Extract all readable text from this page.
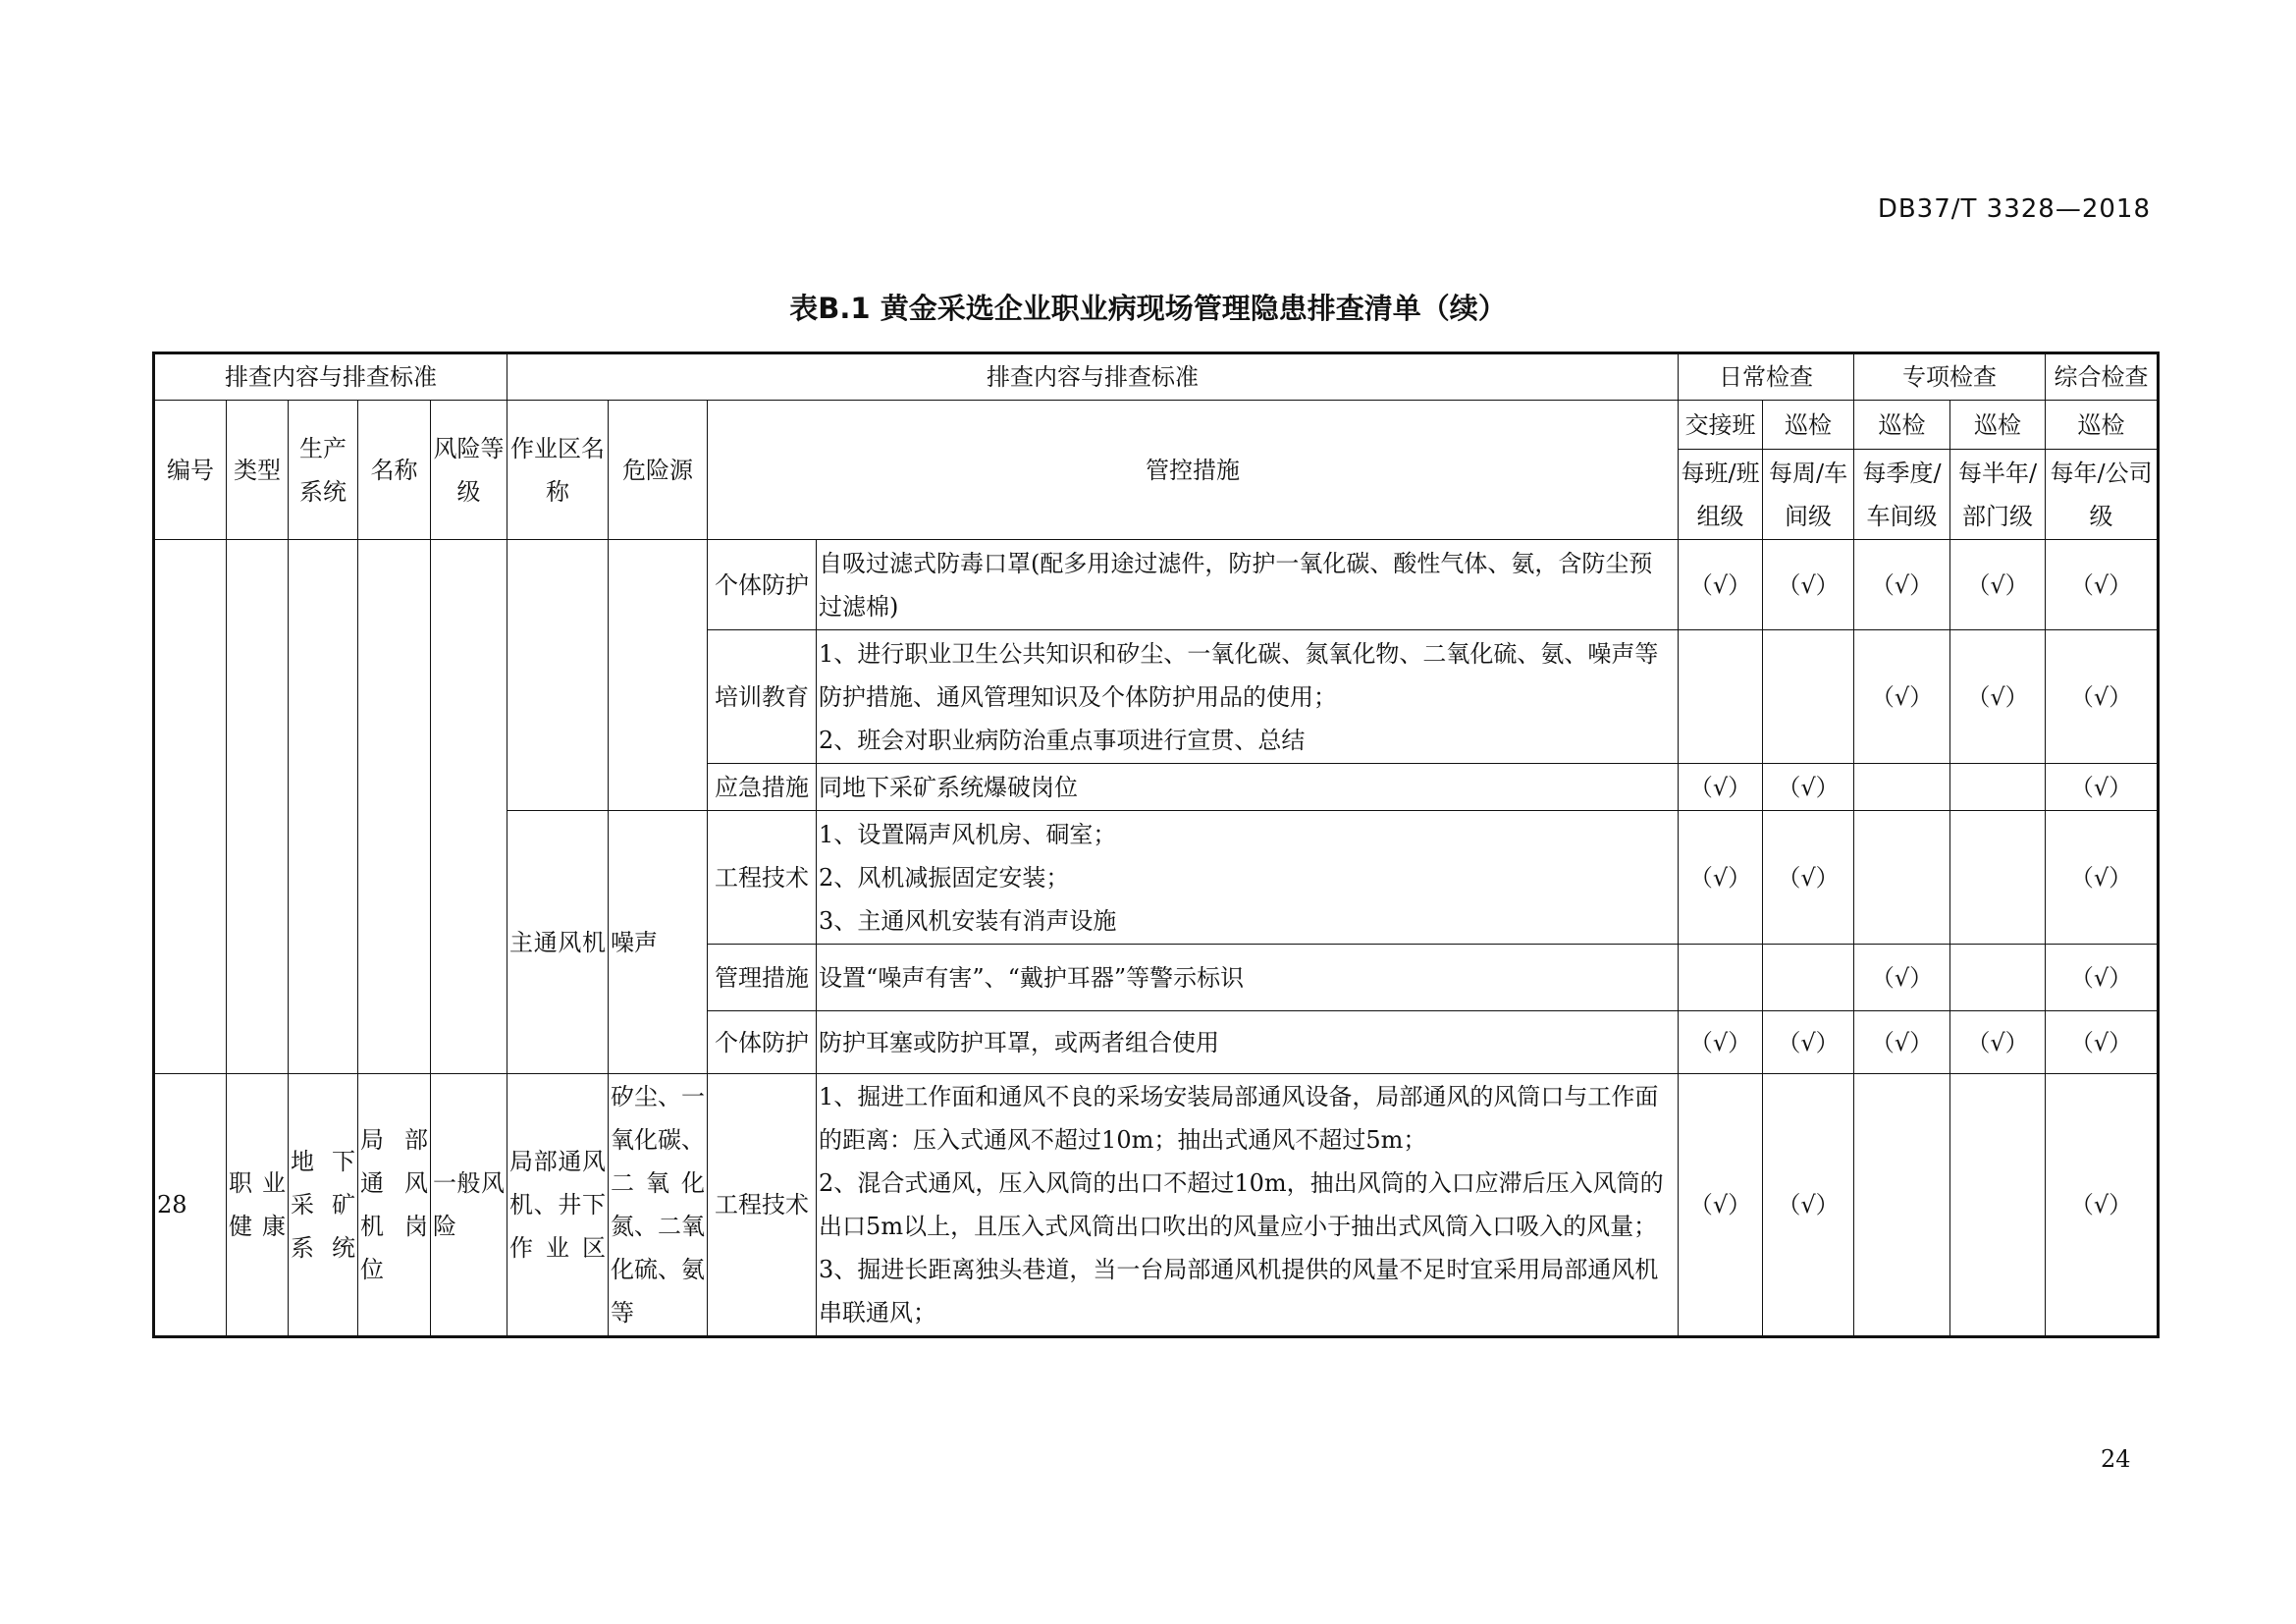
DB37/T 3328—2018
表B.1 黄金采选企业职业病现场管理隐患排查清单（续）
排查内容与排查标准					排查内容与排查标准				日常检查		专项检查		综合检查
编号	类型	生产系统	名称	风险等级	作业区名称	危险源	管控措施		交接班	巡检	巡检	巡检	巡检
									每班/班组级	每周/车间级	每季度/车间级	每半年/部门级	每年/公司级
							个体防护	自吸过滤式防毒口罩(配多用途过滤件，防护一氧化碳、酸性气体、氨，含防尘预过滤棉)	（√）	（√）	（√）	（√）	（√）
							培训教育	1、进行职业卫生公共知识和矽尘、一氧化碳、氮氧化物、二氧化硫、氨、噪声等防护措施、通风管理知识及个体防护用品的使用；
2、班会对职业病防治重点事项进行宣贯、总结			（√）	（√）	（√）
							应急措施	同地下采矿系统爆破岗位	（√）	（√）			（√）
					主通风机	噪声	工程技术	1、设置隔声风机房、硐室；
2、风机减振固定安装；
3、主通风机安装有消声设施	（√）	（√）			（√）
							管理措施	设置“噪声有害”、“戴护耳器”等警示标识			（√）		（√）
							个体防护	防护耳塞或防护耳罩，或两者组合使用	（√）	（√）	（√）	（√）	（√）
28	职业健康	地下采矿系统	局部通风机岗位	一般风险	局部通风机、井下作业区	矽尘、一氧化碳、二氧化氮、二氧化硫、氨等	工程技术	1、掘进工作面和通风不良的采场安装局部通风设备，局部通风的风筒口与工作面的距离：压入式通风不超过10m；抽出式通风不超过5m；
2、混合式通风，压入风筒的出口不超过10m，抽出风筒的入口应滞后压入风筒的出口5m以上，且压入式风筒出口吹出的风量应小于抽出式风筒入口吸入的风量；
3、掘进长距离独头巷道，当一台局部通风机提供的风量不足时宜采用局部通风机串联通风；	（√）	（√）			（√）
24
